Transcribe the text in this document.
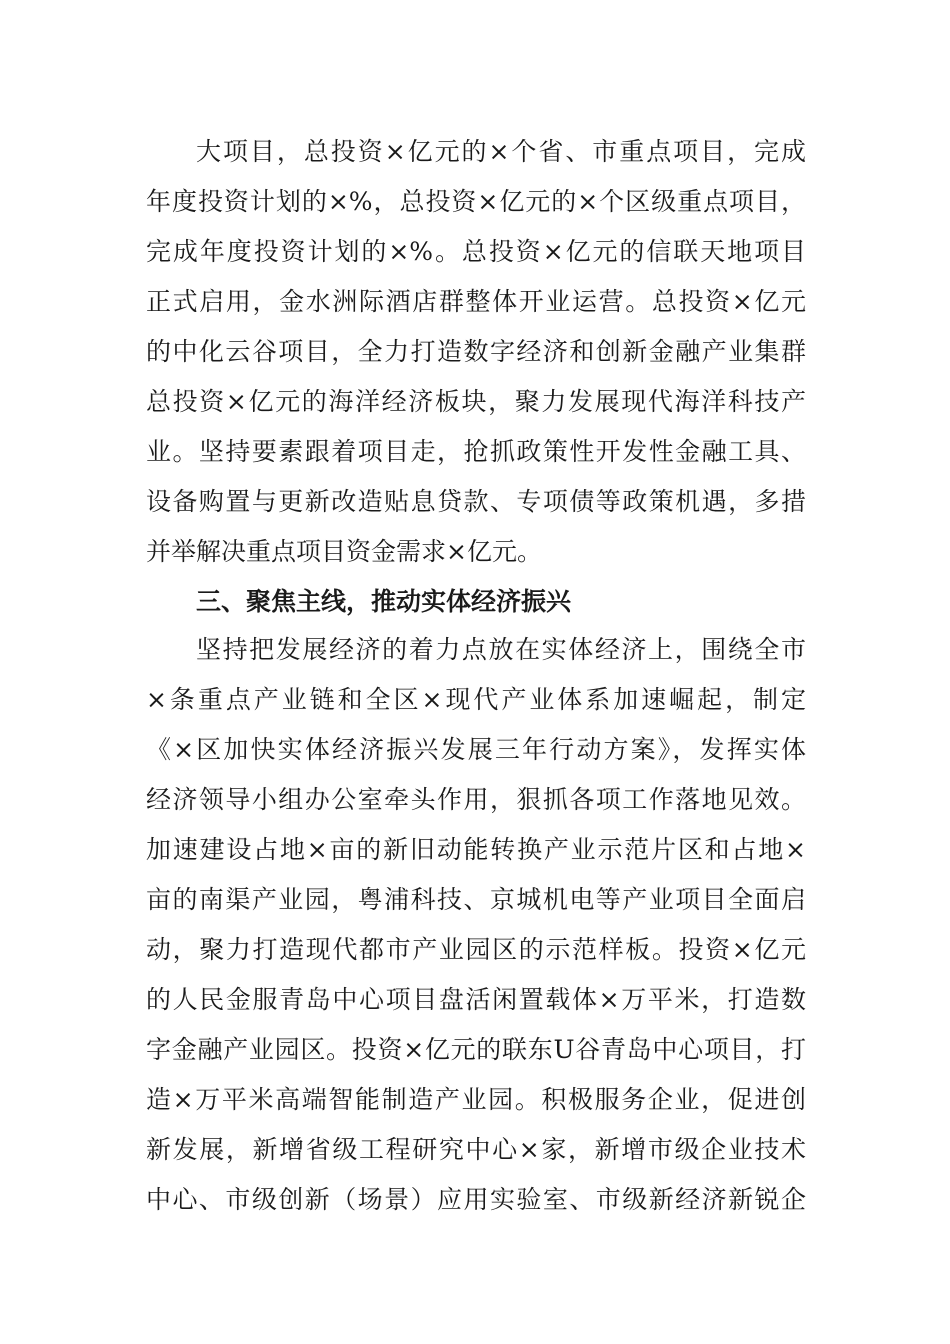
大项目，总投资×亿元的×个省、市重点项目，完成
年度投资计划的×%，总投资×亿元的×个区级重点项目，
完成年度投资计划的×%。总投资×亿元的信联天地项目
正式启用，金水洲际酒店群整体开业运营。总投资×亿元
的中化云谷项目，全力打造数字经济和创新金融产业集群
总投资×亿元的海洋经济板块，聚力发展现代海洋科技产
业。坚持要素跟着项目走，抢抓政策性开发性金融工具、
设备购置与更新改造贴息贷款、专项债等政策机遇，多措
并举解决重点项目资金需求×亿元。
三、聚焦主线，推动实体经济振兴
坚持把发展经济的着力点放在实体经济上，围绕全市
×条重点产业链和全区×现代产业体系加速崛起，制定
《×区加快实体经济振兴发展三年行动方案》，发挥实体
经济领导小组办公室牵头作用，狠抓各项工作落地见效。
加速建设占地×亩的新旧动能转换产业示范片区和占地×
亩的南渠产业园，粤浦科技、京城机电等产业项目全面启
动，聚力打造现代都市产业园区的示范样板。投资×亿元
的人民金服青岛中心项目盘活闲置载体×万平米，打造数
字金融产业园区。投资×亿元的联东U谷青岛中心项目，打
造×万平米高端智能制造产业园。积极服务企业，促进创
新发展，新增省级工程研究中心×家，新增市级企业技术
中心、市级创新（场景）应用实验室、市级新经济新锐企
